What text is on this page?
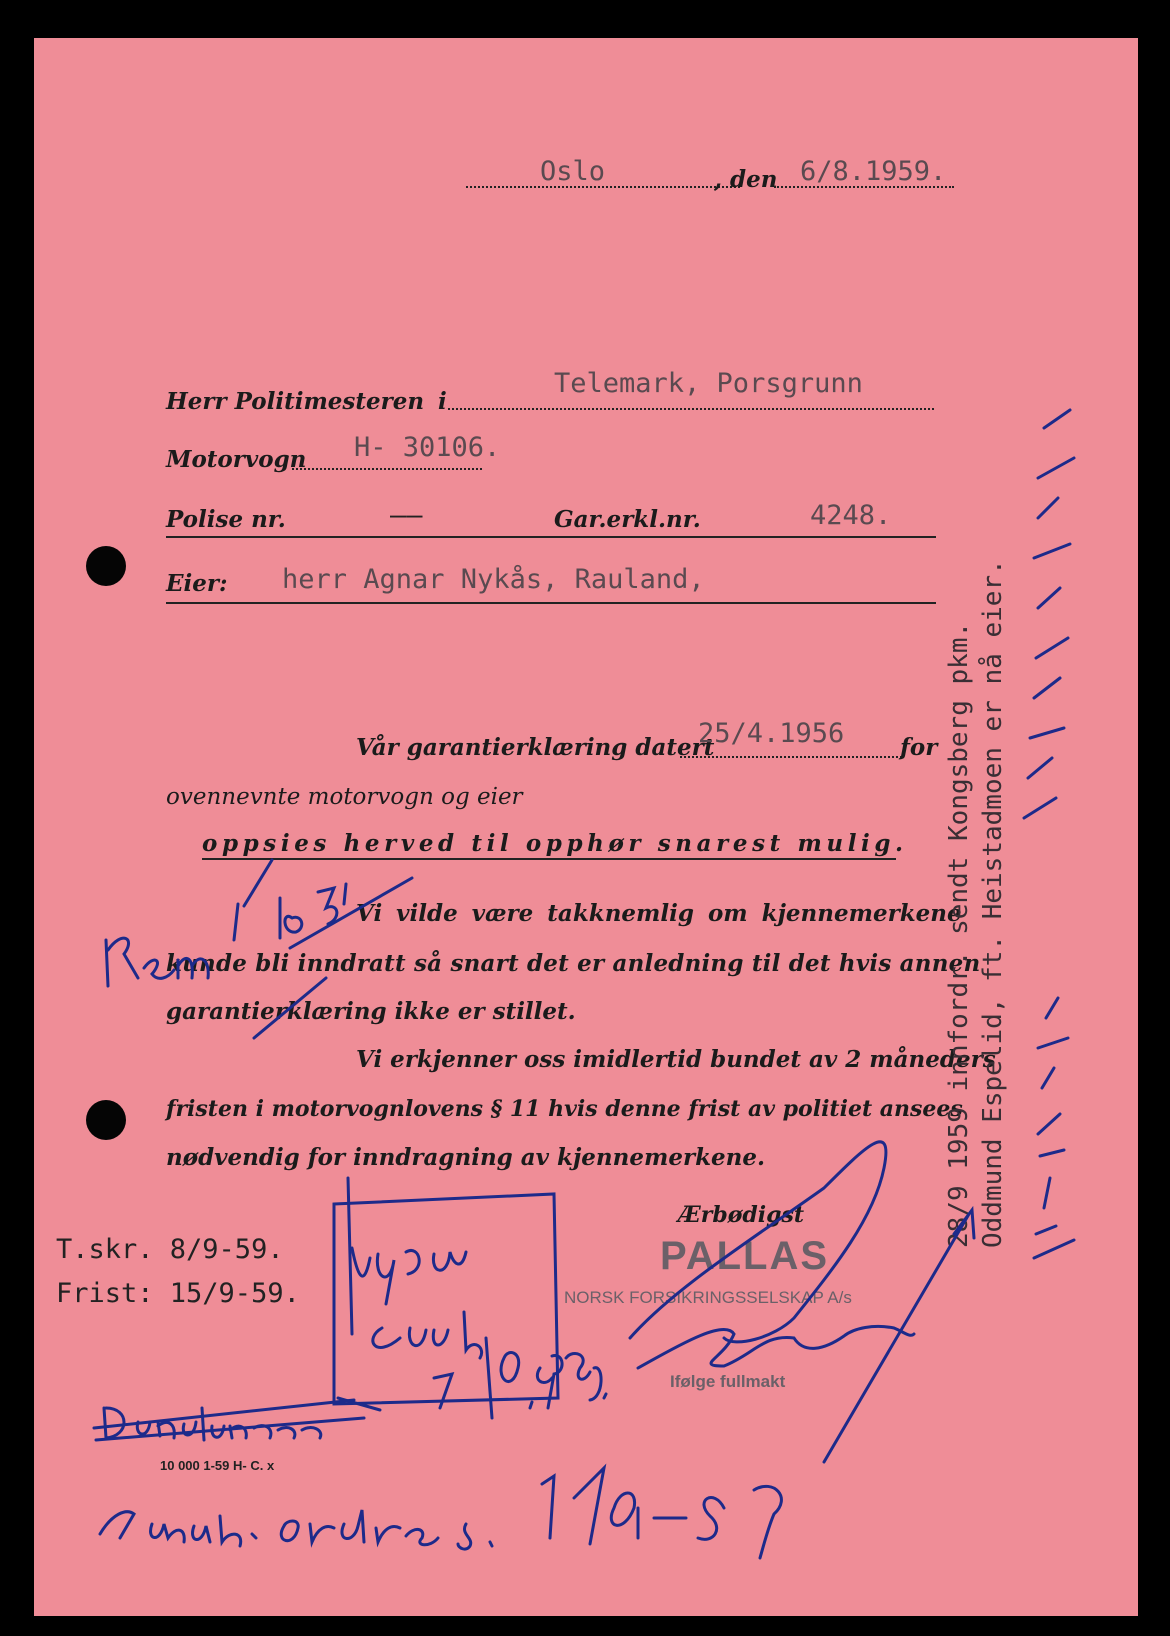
Oslo	, den 6/8.1959.
Herr Politimesteren i
Telemark, Porsgrunn
Motorvogn H- 30106.
Polise nr.	——	Gar.erkl.nr.	4248.
Eier: herr Agnar Nykås, Rauland,
Vår garantierklæring datert
25/4.1956 for
ovennevnte motorvogn og eier
oppsies herved til opphør snarest mulig.
Vi vilde være takknemlig om kjennemerkene
kunde bli inndratt så snart det er anledning til det hvis annen
garantierklæring ikke er stillet.
Vi erkjenner oss imidlertid bundet av 2 måneders
fristen i motorvognlovens § 11 hvis denne frist av politiet ansees
nødvendig for inndragning av kjennemerkene.
Ærbødigst
PALLAS
NORSK FORSIKRINGSSELSKAP A/s
Ifølge fullmakt
T.skr. 8/9-59.
Frist: 15/9-59.
10 000 1-59 H- C. x
28/9 1959 innfordr. sendt Kongsberg pkm. Oddmund Espelid, ft. Heistadmoen er nå eier.
